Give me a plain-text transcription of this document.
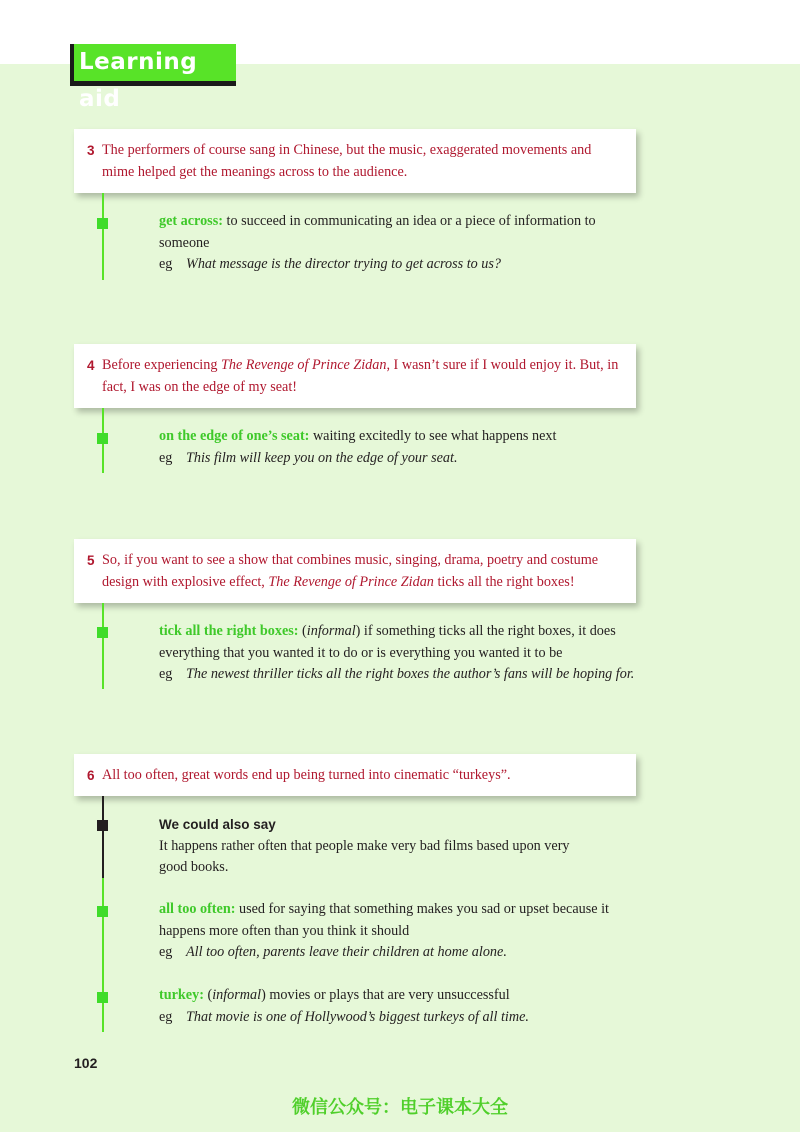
Learning aid
3 The performers of course sang in Chinese, but the music, exaggerated movements and mime helped get the meanings across to the audience.
get across: to succeed in communicating an idea or a piece of information to someone
eg What message is the director trying to get across to us?
4 Before experiencing The Revenge of Prince Zidan, I wasn’t sure if I would enjoy it. But, in fact, I was on the edge of my seat!
on the edge of one’s seat: waiting excitedly to see what happens next
eg This film will keep you on the edge of your seat.
5 So, if you want to see a show that combines music, singing, drama, poetry and costume design with explosive effect, The Revenge of Prince Zidan ticks all the right boxes!
tick all the right boxes: (informal) if something ticks all the right boxes, it does everything that you wanted it to do or is everything you wanted it to be
eg The newest thriller ticks all the right boxes the author’s fans will be hoping for.
6 All too often, great words end up being turned into cinematic “turkeys”.
We could also say
It happens rather often that people make very bad films based upon very good books.
all too often: used for saying that something makes you sad or upset because it happens more often than you think it should
eg All too often, parents leave their children at home alone.
turkey: (informal) movies or plays that are very unsuccessful
eg That movie is one of Hollywood’s biggest turkeys of all time.
102
微信公众号：电子课本大全
